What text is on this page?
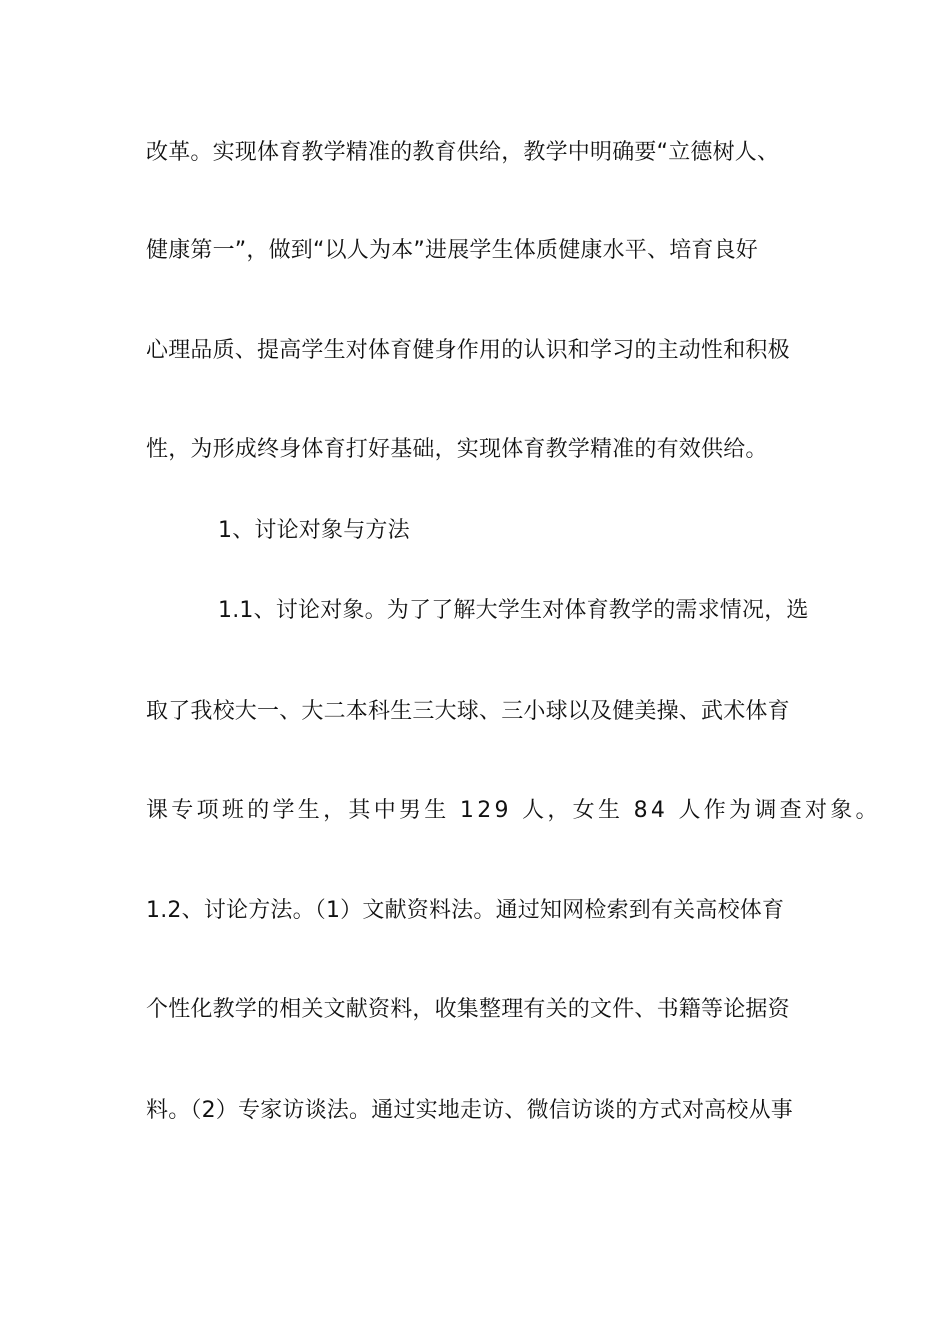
改革。实现体育教学精准的教育供给，教学中明确要“立德树人、
健康第一”，做到“以人为本”进展学生体质健康水平、培育良好
心理品质、提高学生对体育健身作用的认识和学习的主动性和积极
性，为形成终身体育打好基础，实现体育教学精准的有效供给。
1、讨论对象与方法
1.1、讨论对象。为了了解大学生对体育教学的需求情况，选
取了我校大一、大二本科生三大球、三小球以及健美操、武术体育
课专项班的学生，其中男生 129 人，女生 84 人作为调查对象。
1.2、讨论方法。（1）文献资料法。通过知网检索到有关高校体育
个性化教学的相关文献资料，收集整理有关的文件、书籍等论据资
料。（2）专家访谈法。通过实地走访、微信访谈的方式对高校从事
